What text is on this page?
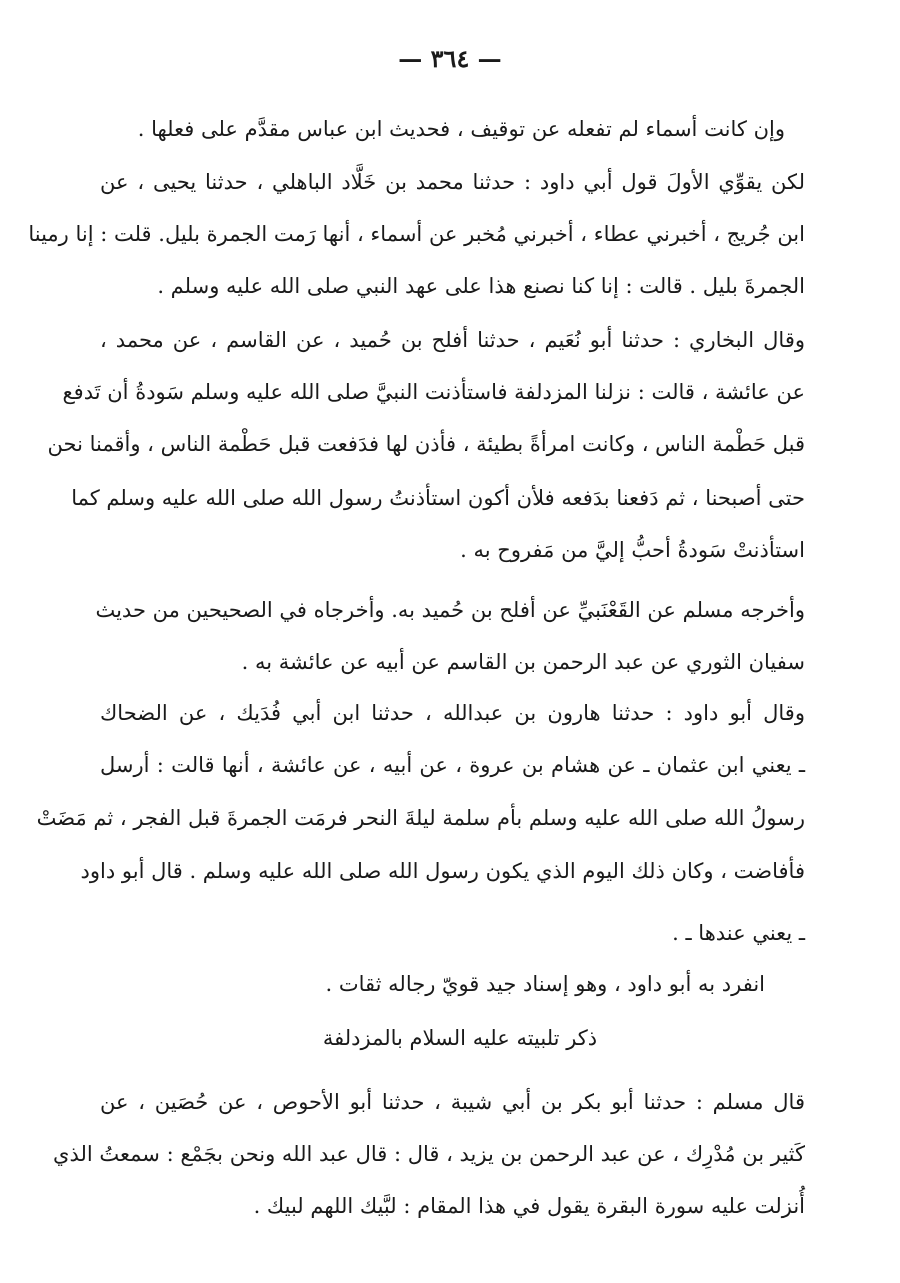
— ٣٦٤ —
وإن كانت أسماء لم تفعله عن توقيف ، فحديث ابن عباس مقدَّم على فعلها .
لكن يقوِّي الأولَ قول أبي داود : حدثنا محمد بن خَلَّاد الباهلي ، حدثنا يحيى ، عن
ابن جُريج ، أخبرني عطاء ، أخبرني مُخبر عن أسماء ، أنها رَمت الجمرة بليل. قلت : إنا رمينا
الجمرةَ بليل . قالت : إنا كنا نصنع هذا على عهد النبي صلى الله عليه وسلم .
وقال البخاري : حدثنا أبو نُعَيم ، حدثنا أفلح بن حُميد ، عن القاسم ، عن محمد ،
عن عائشة ، قالت : نزلنا المزدلفة فاستأذنت النبيَّ صلى الله عليه وسلم سَودةُ أن تَدفع
قبل حَطْمة الناس ، وكانت امرأةً بطيئة ، فأذن لها فدَفعت قبل حَطْمة الناس ، وأقمنا نحن
حتى أصبحنا ، ثم دَفعنا بدَفعه فلأن أكون استأذنتُ رسول الله صلى الله عليه وسلم كما
استأذنتْ سَودةُ أحبُّ إليَّ من مَفروح به .
وأخرجه مسلم عن القَعْنَبيِّ عن أفلح بن حُميد به. وأخرجاه في الصحيحين من حديث
سفيان الثوري عن عبد الرحمن بن القاسم عن أبيه عن عائشة به .
وقال أبو داود : حدثنا هارون بن عبدالله ، حدثنا ابن أبي فُدَيك ، عن الضحاك
ـ يعني ابن عثمان ـ عن هشام بن عروة ، عن أبيه ، عن عائشة ، أنها قالت : أرسل
رسولُ الله صلى الله عليه وسلم بأم سلمة ليلةَ النحر فرمَت الجمرةَ قبل الفجر ، ثم مَضَتْ
فأفاضت ، وكان ذلك اليوم الذي يكون رسول الله صلى الله عليه وسلم . قال أبو داود
ـ يعني عندها ـ .
انفرد به أبو داود ، وهو إسناد جيد قويّ رجاله ثقات .
ذكر تلبيته عليه السلام بالمزدلفة
قال مسلم : حدثنا أبو بكر بن أبي شيبة ، حدثنا أبو الأحوص ، عن حُصَين ، عن
كَثير بن مُدْرِك ، عن عبد الرحمن بن يزيد ، قال : قال عبد الله ونحن بجَمْع : سمعتُ الذي
أُنزلت عليه سورة البقرة يقول في هذا المقام : لبَّيك اللهم لبيك .
